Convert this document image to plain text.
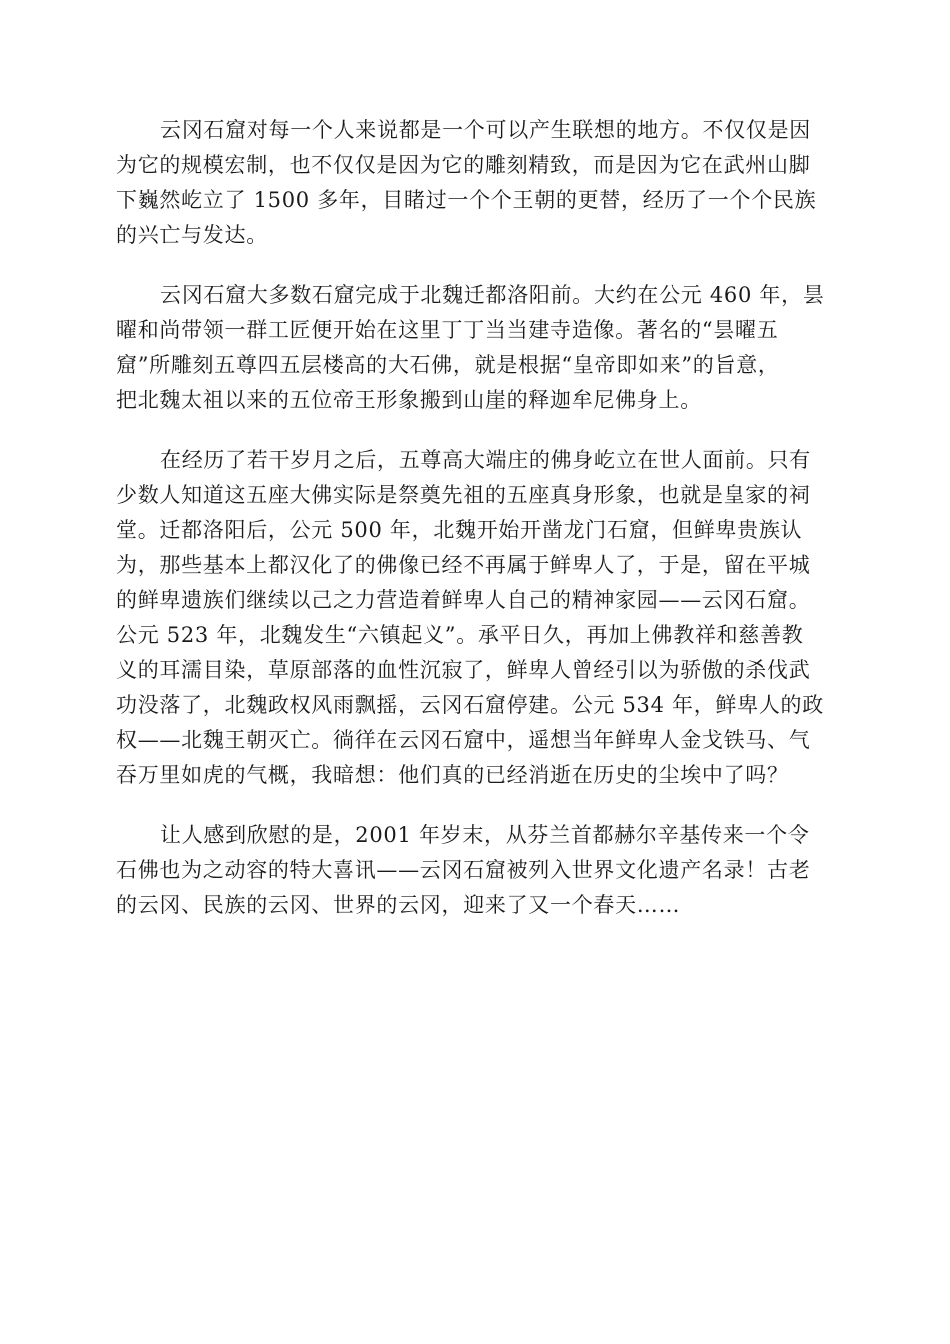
云冈石窟对每一个人来说都是一个可以产生联想的地方。不仅仅是因
为它的规模宏制，也不仅仅是因为它的雕刻精致，而是因为它在武州山脚
下巍然屹立了 1500 多年，目睹过一个个王朝的更替，经历了一个个民族
的兴亡与发达。
云冈石窟大多数石窟完成于北魏迁都洛阳前。大约在公元 460 年，昙
曜和尚带领一群工匠便开始在这里丁丁当当建寺造像。著名的“昙曜五
窟”所雕刻五尊四五层楼高的大石佛，就是根据“皇帝即如来”的旨意，
把北魏太祖以来的五位帝王形象搬到山崖的释迦牟尼佛身上。
在经历了若干岁月之后，五尊高大端庄的佛身屹立在世人面前。只有
少数人知道这五座大佛实际是祭奠先祖的五座真身形象，也就是皇家的祠
堂。迁都洛阳后，公元 500 年，北魏开始开凿龙门石窟，但鲜卑贵族认
为，那些基本上都汉化了的佛像已经不再属于鲜卑人了，于是，留在平城
的鲜卑遗族们继续以己之力营造着鲜卑人自己的精神家园——云冈石窟。
公元 523 年，北魏发生“六镇起义”。承平日久，再加上佛教祥和慈善教
义的耳濡目染，草原部落的血性沉寂了，鲜卑人曾经引以为骄傲的杀伐武
功没落了，北魏政权风雨飘摇，云冈石窟停建。公元 534 年，鲜卑人的政
权——北魏王朝灭亡。徜徉在云冈石窟中，遥想当年鲜卑人金戈铁马、气
吞万里如虎的气概，我暗想：他们真的已经消逝在历史的尘埃中了吗？
让人感到欣慰的是，2001 年岁末，从芬兰首都赫尔辛基传来一个令
石佛也为之动容的特大喜讯——云冈石窟被列入世界文化遗产名录！古老
的云冈、民族的云冈、世界的云冈，迎来了又一个春天……
